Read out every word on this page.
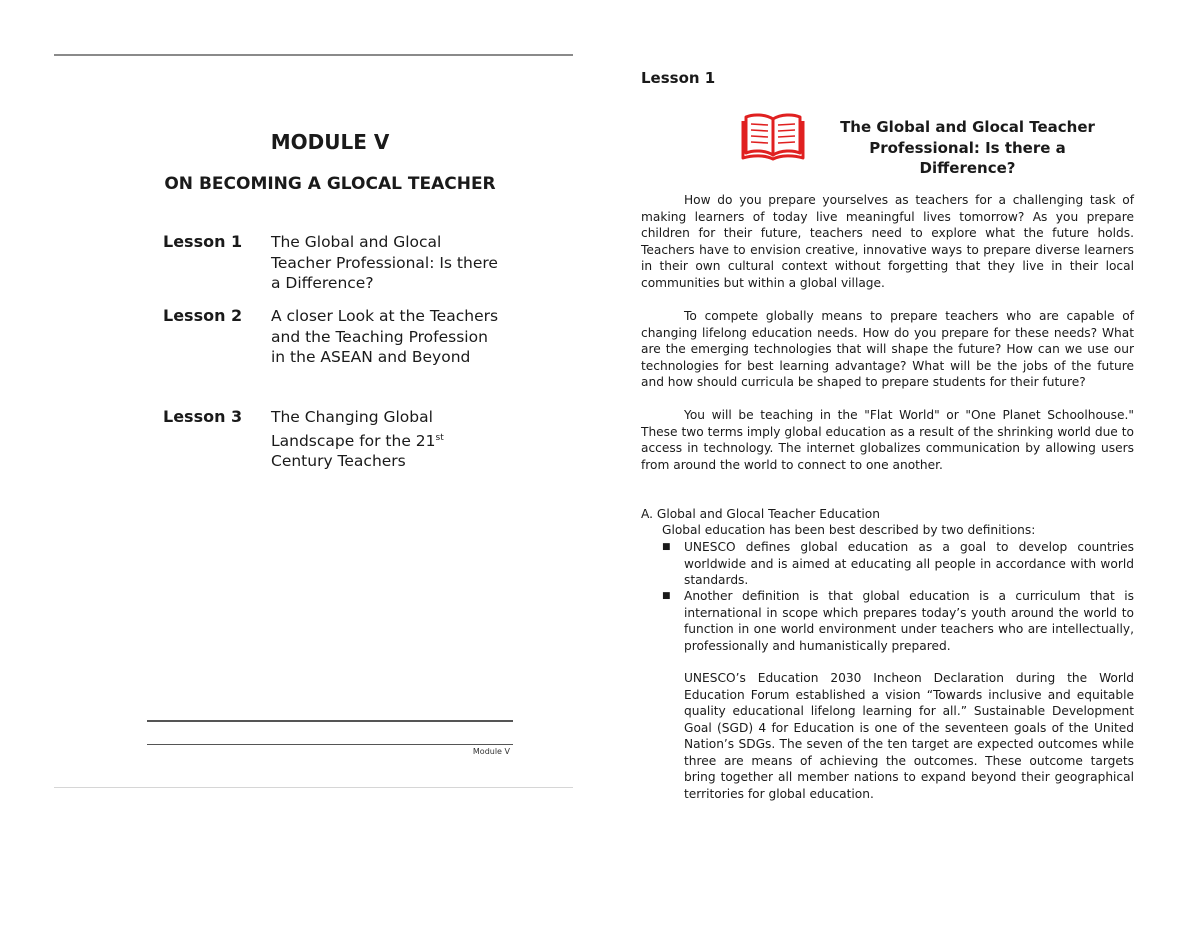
MODULE V
ON BECOMING A GLOCAL TEACHER
Lesson 1 The Global and Glocal Teacher Professional: Is there a Difference?
Lesson 2 A closer Look at the Teachers and the Teaching Profession in the ASEAN and Beyond
Lesson 3 The Changing Global Landscape for the 21st Century Teachers
Module V
Lesson 1
The Global and Glocal Teacher Professional: Is there a Difference?
How do you prepare yourselves as teachers for a challenging task of making learners of today live meaningful lives tomorrow? As you prepare children for their future, teachers need to explore what the future holds. Teachers have to envision creative, innovative ways to prepare diverse learners in their own cultural context without forgetting that they live in their local communities but within a global village.
To compete globally means to prepare teachers who are capable of changing lifelong education needs. How do you prepare for these needs? What are the emerging technologies that will shape the future? How can we use our technologies for best learning advantage? What will be the jobs of the future and how should curricula be shaped to prepare students for their future?
You will be teaching in the "Flat World" or "One Planet Schoolhouse." These two terms imply global education as a result of the shrinking world due to access in technology. The internet globalizes communication by allowing users from around the world to connect to one another.
A. Global and Glocal Teacher Education
Global education has been best described by two definitions:
■ UNESCO defines global education as a goal to develop countries worldwide and is aimed at educating all people in accordance with world standards.
■ Another definition is that global education is a curriculum that is international in scope which prepares today’s youth around the world to function in one world environment under teachers who are intellectually, professionally and humanistically prepared.
UNESCO’s Education 2030 Incheon Declaration during the World Education Forum established a vision “Towards inclusive and equitable quality educational lifelong learning for all.” Sustainable Development Goal (SGD) 4 for Education is one of the seventeen goals of the United Nation’s SDGs. The seven of the ten target are expected outcomes while three are means of achieving the outcomes. These outcome targets bring together all member nations to expand beyond their geographical territories for global education.
